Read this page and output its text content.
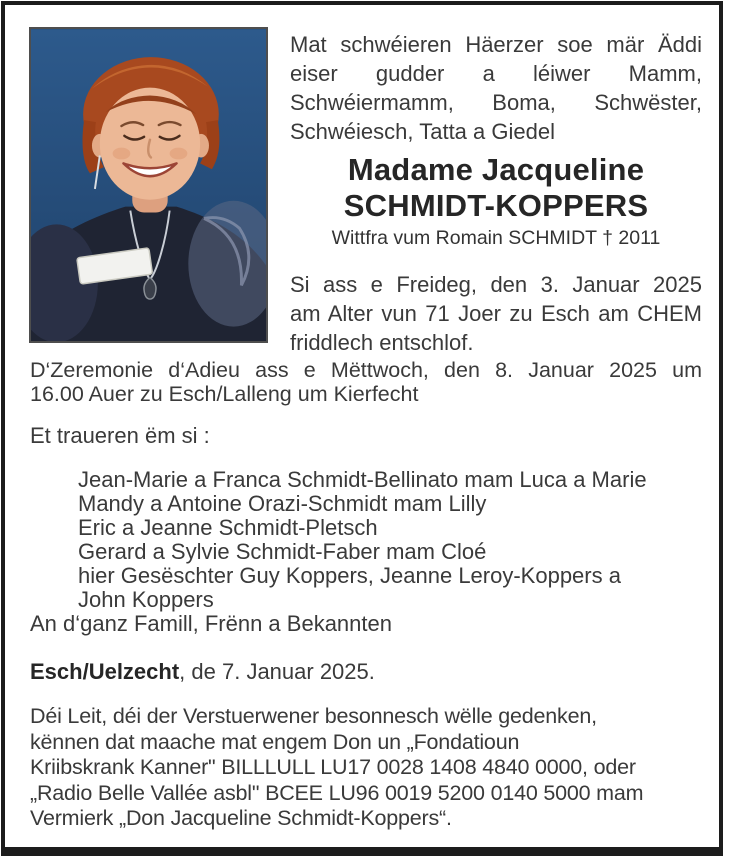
Mat schwéieren Häerzer soe mär Äddi
eiser gudder a léiwer Mamm,
Schwéiermamm, Boma, Schwëster,
Schwéiesch, Tatta a Giedel
Madame Jacqueline
SCHMIDT-KOPPERS
Wittfra vum Romain SCHMIDT † 2011
Si ass e Freideg, den 3. Januar 2025
am Alter vun 71 Joer zu Esch am CHEM
friddlech entschlof.
D‘Zeremonie d‘Adieu ass e Mëttwoch, den 8. Januar 2025 um
16.00 Auer zu Esch/Lalleng um Kierfecht
Et traueren ëm si :
Jean-Marie a Franca Schmidt-Bellinato mam Luca a Marie
Mandy a Antoine Orazi-Schmidt mam Lilly
Eric a Jeanne Schmidt-Pletsch
Gerard a Sylvie Schmidt-Faber mam Cloé
hier Gesëschter Guy Koppers, Jeanne Leroy-Koppers a
John Koppers
An d‘ganz Famill, Frënn a Bekannten
Esch/Uelzecht, de 7. Januar 2025.
Déi Leit, déi der Verstuerwener besonnesch wëlle gedenken,
kënnen dat maache mat engem Don un „Fondatioun
Kriibskrank Kanner" BILLLULL LU17 0028 1408 4840 0000, oder
„Radio Belle Vallée asbl" BCEE LU96 0019 5200 0140 5000 mam
Vermierk „Don Jacqueline Schmidt-Koppers“.
